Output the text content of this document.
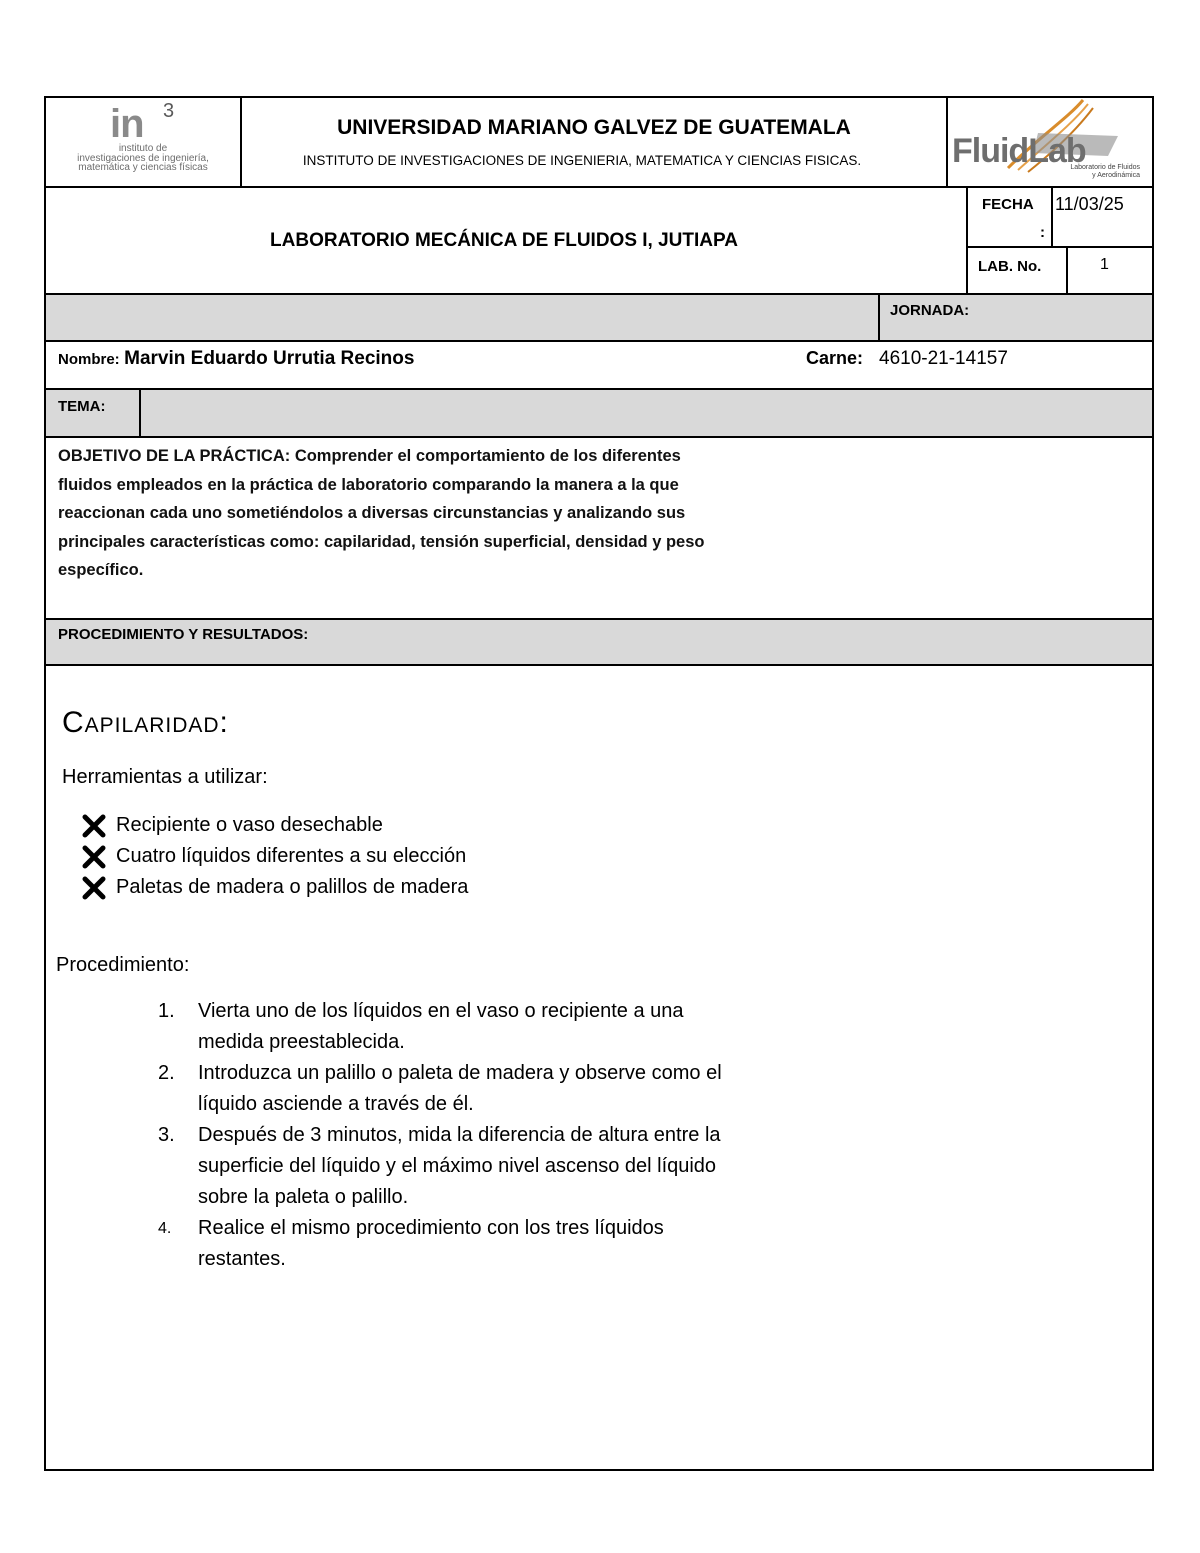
in 3
instituto de
investigaciones de ingeniería,
matemática y ciencias físicas
UNIVERSIDAD MARIANO GALVEZ DE GUATEMALA
INSTITUTO DE INVESTIGACIONES DE INGENIERIA, MATEMATICA Y CIENCIAS FISICAS.	FluidLab
Laboratorio de Fluidos
y Aerodinámica
LABORATORIO MECÁNICA DE FLUIDOS I, JUTIAPA
FECHA
:
11/03/25
LAB. No.	1
JORNADA:
Nombre: Marvin Eduardo Urrutia Recinos	Carne: 4610-21-14157
TEMA:
OBJETIVO DE LA PRÁCTICA: Comprender el comportamiento de los diferentes
fluidos empleados en la práctica de laboratorio comparando la manera a la que
reaccionan cada uno sometiéndolos a diversas circunstancias y analizando sus
principales características como: capilaridad, tensión superficial, densidad y peso
específico.
PROCEDIMIENTO Y RESULTADOS:
Capilaridad:
Herramientas a utilizar:
Recipiente o vaso desechable
Cuatro líquidos diferentes a su elección
Paletas de madera o palillos de madera
Procedimiento:
1.	Vierta uno de los líquidos en el vaso o recipiente a una
medida preestablecida.
2.	Introduzca un palillo o paleta de madera y observe como el
líquido asciende a través de él.
3.	Después de 3 minutos, mida la diferencia de altura entre la
superficie del líquido y el máximo nivel ascenso del líquido
sobre la paleta o palillo.
4.	Realice el mismo procedimiento con los tres líquidos
restantes.
